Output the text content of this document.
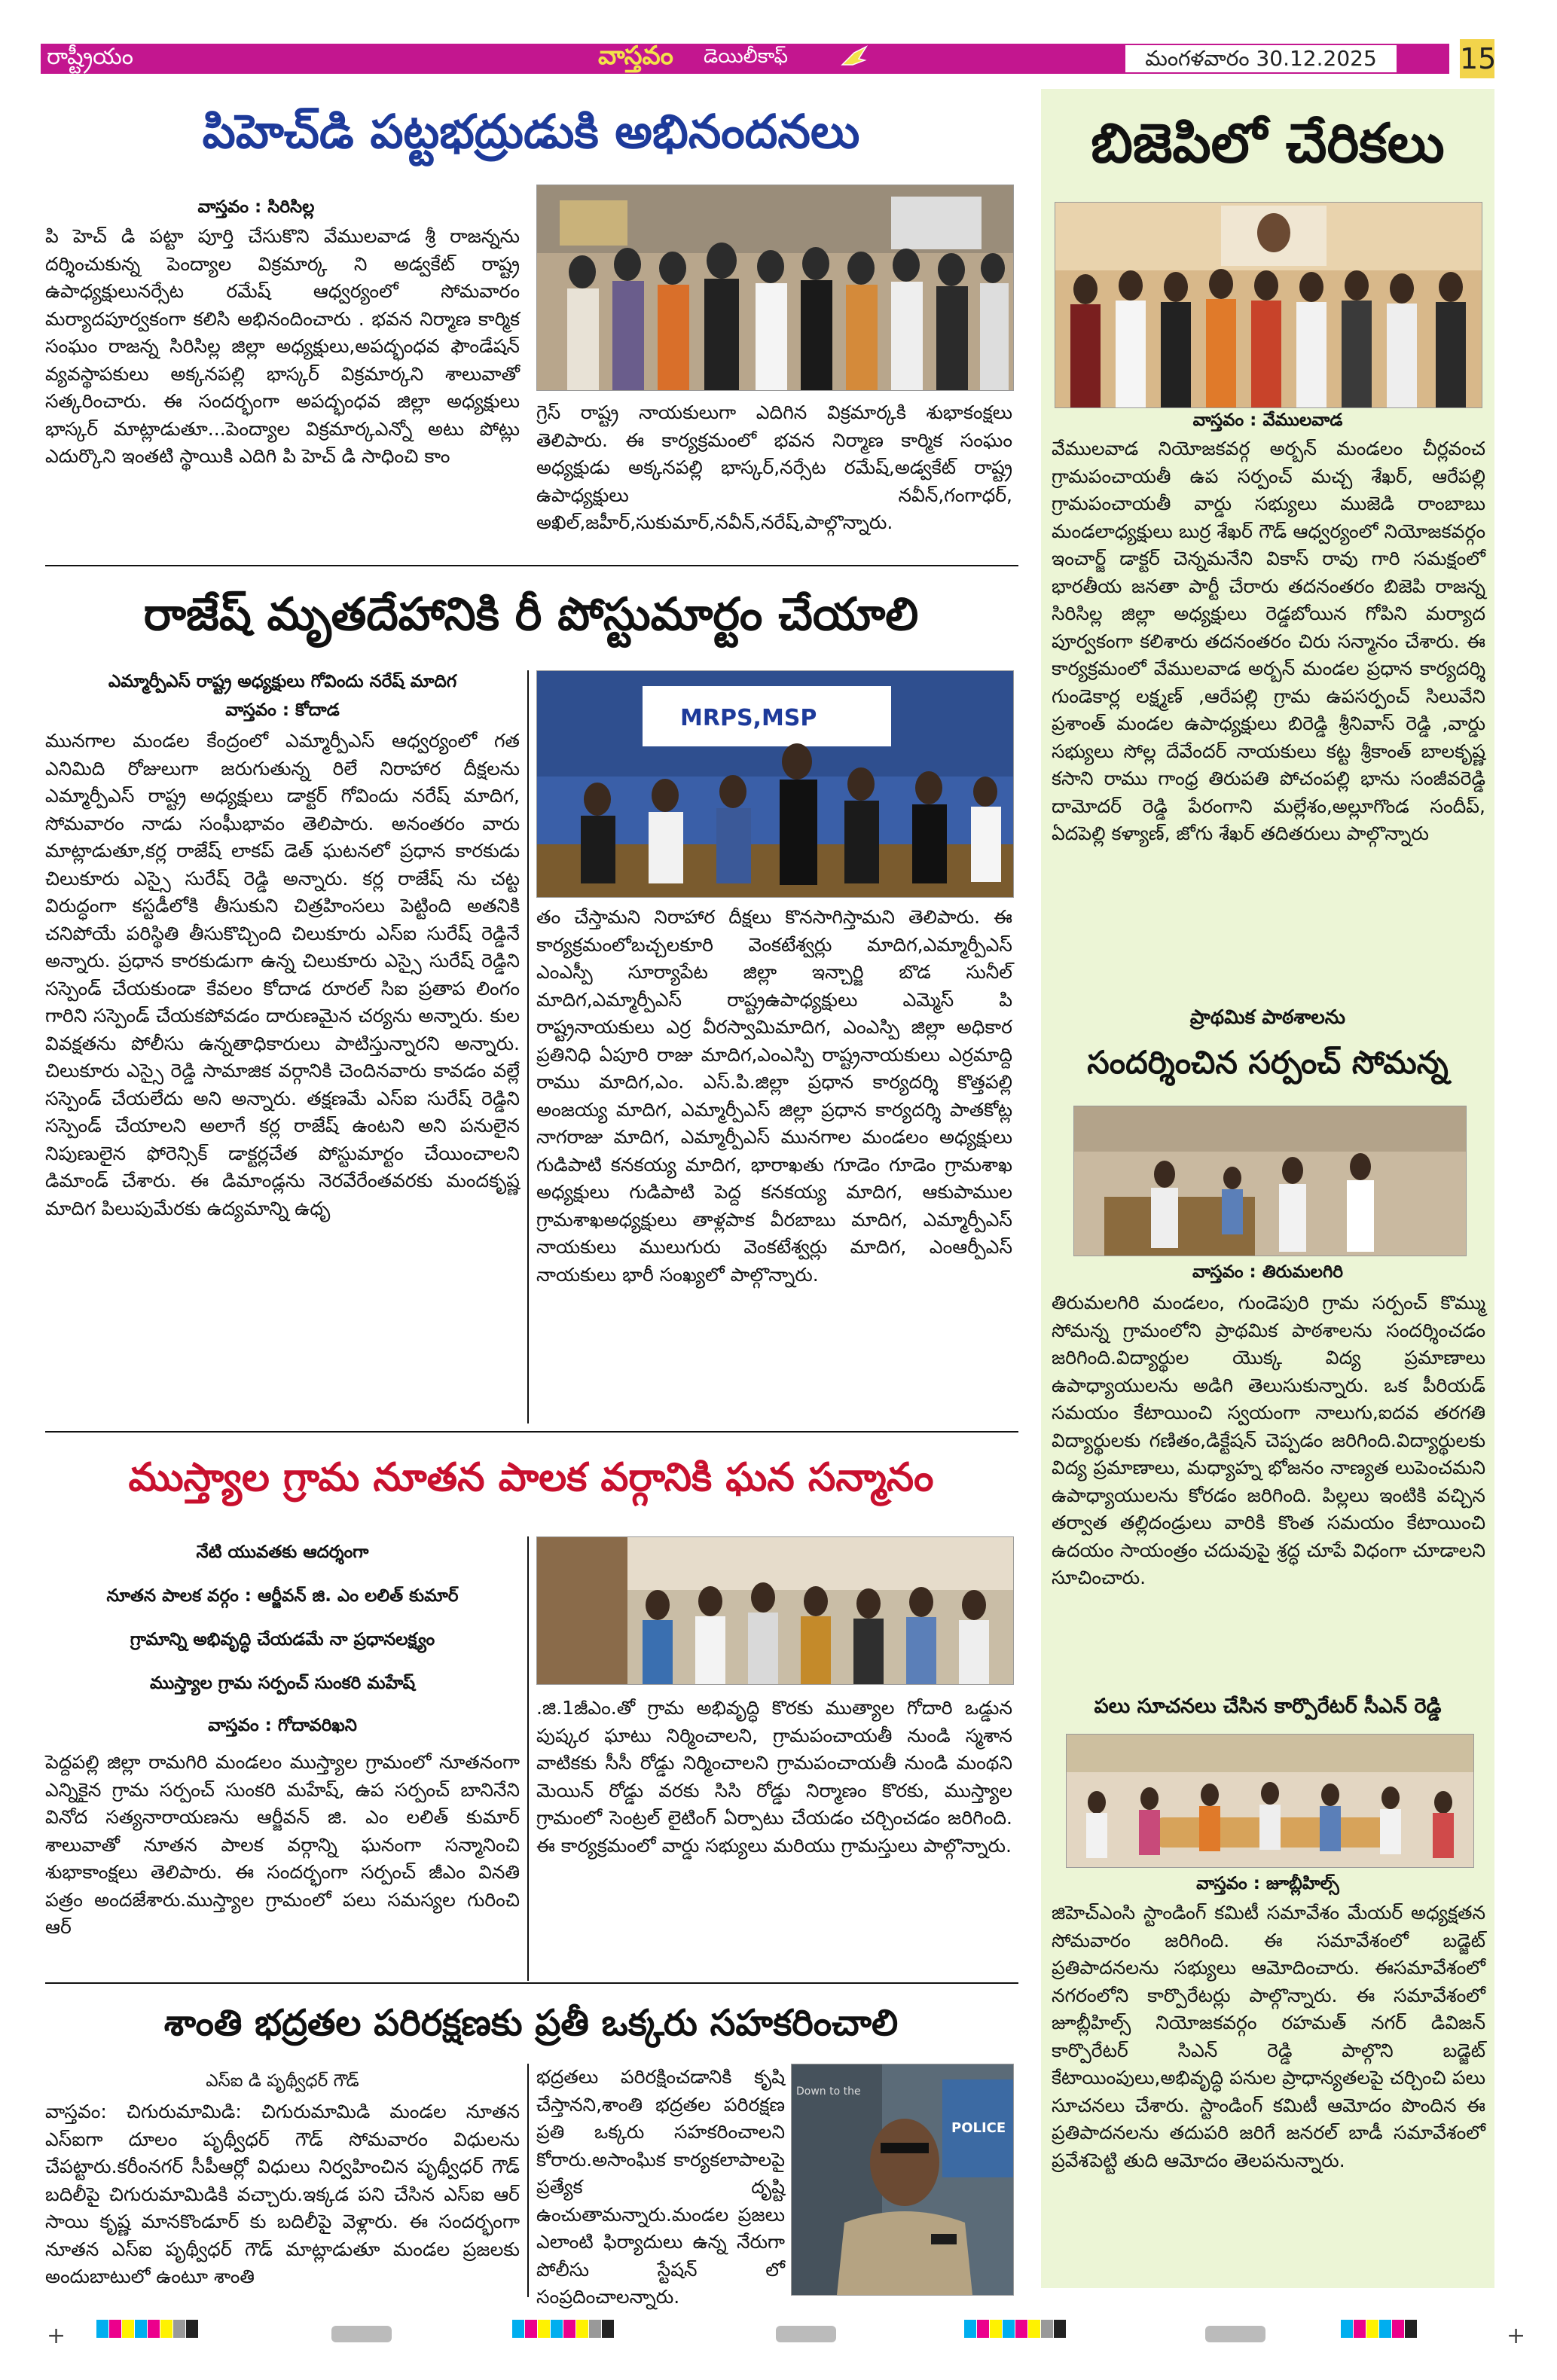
రాష్ట్రీయం	వాస్తవం డెయిలీకాఫ్	మంగళవారం 30.12.2025	15
పిహెచ్‌డి పట్టభద్రుడుకి అభినందనలు
వాస్తవం : సిరిసిల్ల
పి హెచ్ డి పట్టా పూర్తి చేసుకొని వేములవాడ శ్రీ రాజన్నను దర్శించుకున్న పెంద్యాల విక్రమార్క ని అడ్వకేట్ రాష్ట్ర ఉపాధ్యక్షులునర్సేట రమేష్ ఆధ్వర్యంలో సోమవారం మర్యాదపూర్వకంగా కలిసి అభినందించారు . భవన నిర్మాణ కార్మిక సంఘం రాజన్న సిరిసిల్ల జిల్లా అధ్యక్షులు,అపద్భంధవ ఫౌండేషన్ వ్యవస్థాపకులు అక్కనపల్లి భాస్కర్ విక్రమార్కని శాలువాతో సత్కరించారు. ఈ సందర్భంగా అపద్భంధవ జిల్లా అధ్యక్షులు భాస్కర్ మాట్లాడుతూ...పెంద్యాల విక్రమార్కఎన్నో అటు పోట్లు ఎదుర్కొని ఇంతటి స్థాయికి ఎదిగి పి హెచ్ డి సాధించి కాం
గ్రెస్ రాష్ట్ర నాయకులుగా ఎదిగిన విక్రమార్కకి శుభాకంక్షలు తెలిపారు. ఈ కార్యక్రమంలో భవన నిర్మాణ కార్మిక సంఘం అధ్యక్షుడు అక్కనపల్లి భాస్కర్,నర్సేట రమేష్,అడ్వకేట్ రాష్ట్ర ఉపాధ్యక్షులు నవీన్,గంగాధర్, అఖిల్,జహీర్,సుకుమార్,నవీన్,నరేష్,పాల్గొన్నారు.
రాజేష్ మృతదేహానికి రీ పోస్టుమార్టం చేయాలి
ఎమ్మార్పీఎస్ రాష్ట్ర అధ్యక్షులు గోవిందు నరేష్ మాదిగ
వాస్తవం : కోదాడ
మునగాల మండల కేంద్రంలో ఎమ్మార్పీఎస్ ఆధ్వర్యంలో గత ఎనిమిది రోజులుగా జరుగుతున్న రిలే నిరాహార దీక్షలను ఎమ్మార్పీఎస్ రాష్ట్ర అధ్యక్షులు డాక్టర్ గోవిందు నరేష్ మాదిగ, సోమవారం నాడు సంఘీభావం తెలిపారు. అనంతరం వారు మాట్లాడుతూ,కర్ల రాజేష్ లాకప్ డెత్ ఘటనలో ప్రధాన కారకుడు చిలుకూరు ఎస్సై సురేష్ రెడ్డి అన్నారు. కర్ల రాజేష్ ను చట్ట విరుద్ధంగా కస్టడీలోకి తీసుకుని చిత్రహింసలు పెట్టింది అతనికి చనిపోయే పరిస్థితి తీసుకొచ్చింది చిలుకూరు ఎస్ఐ సురేష్ రెడ్డినే అన్నారు. ప్రధాన కారకుడుగా ఉన్న చిలుకూరు ఎస్సై సురేష్ రెడ్డిని సస్పెండ్ చేయకుండా కేవలం కోదాడ రూరల్ సిఐ ప్రతాప లింగం గారిని సస్పెండ్ చేయకపోవడం దారుణమైన చర్యను అన్నారు. కుల వివక్షతను పోలీసు ఉన్నతాధికారులు పాటిస్తున్నారని అన్నారు. చిలుకూరు ఎస్సై రెడ్డి సామాజిక వర్గానికి చెందినవారు కావడం వల్లే సస్పెండ్ చేయలేదు అని అన్నారు. తక్షణమే ఎస్ఐ సురేష్ రెడ్డిని సస్పెండ్ చేయాలని అలాగే కర్ల రాజేష్ ఉంటని అని పనులైన నిపుణులైన ఫోరెన్సిక్ డాక్టర్లచేత పోస్టుమార్టం చేయించాలని డిమాండ్ చేశారు. ఈ డిమాండ్లను నెరవేరేంతవరకు మందకృష్ణ మాదిగ పిలుపుమేరకు ఉద్యమాన్ని ఉధృ
MRPS,MSP
తం చేస్తామని నిరాహార దీక్షలు కొనసాగిస్తామని తెలిపారు. ఈ కార్యక్రమంలోబచ్చలకూరి వెంకటేశ్వర్లు మాదిగ,ఎమ్మార్పీఎస్ ఎంఎస్పీ సూర్యాపేట జిల్లా ఇన్చార్జి బొడ సునీల్ మాదిగ,ఎమ్మార్పీఎస్ రాష్ట్రఉపాధ్యక్షులు ఎమ్మెస్ పి రాష్ట్రనాయకులు ఎర్ర వీరస్వామిమాదిగ, ఎంఎస్పి జిల్లా అధికార ప్రతినిధి ఏపూరి రాజు మాదిగ,ఎంఎస్పి రాష్ట్రనాయకులు ఎర్రమాద్ది రాము మాదిగ,ఎం. ఎస్.పి.జిల్లా ప్రధాన కార్యదర్శి కొత్తపల్లి అంజయ్య మాదిగ, ఎమ్మార్పీఎస్ జిల్లా ప్రధాన కార్యదర్శి పాతకోట్ల నాగరాజు మాదిగ, ఎమ్మార్పీఎస్ మునగాల మండలం అధ్యక్షులు గుడిపాటి కనకయ్య మాదిగ, భారాఖతు గూడెం గూడెం గ్రామశాఖ అధ్యక్షులు గుడిపాటి పెద్ద కనకయ్య మాదిగ, ఆకుపాముల గ్రామశాఖఅధ్యక్షులు తాళ్లపాక వీరబాబు మాదిగ, ఎమ్మార్పీఎస్ నాయకులు ములుగురు వెంకటేశ్వర్లు మాదిగ, ఎంఆర్పీఎస్ నాయకులు భారీ సంఖ్యలో పాల్గొన్నారు.
ముస్త్యాల గ్రామ నూతన పాలక వర్గానికి ఘన సన్మానం
నేటి యువతకు ఆదర్శంగా
నూతన పాలక వర్గం : ఆర్జీవన్ జి. ఎం లలిత్ కుమార్
గ్రామాన్ని అభివృద్ధి చేయడమే నా ప్రధానలక్ష్యం
ముస్త్యాల గ్రామ సర్పంచ్ సుంకరి మహేష్
వాస్తవం : గోదావరిఖని
పెద్దపల్లి జిల్లా రామగిరి మండలం ముస్త్యాల గ్రామంలో నూతనంగా ఎన్నికైన గ్రామ సర్పంచ్ సుంకరి మహేష్, ఉప సర్పంచ్ బానినేని వినోద సత్యనారాయణను ఆర్జీవన్ జి. ఎం లలిత్ కుమార్ శాలువాతో నూతన పాలక వర్గాన్ని ఘనంగా సన్మానించి శుభాకాంక్షలు తెలిపారు. ఈ సందర్భంగా సర్పంచ్ జీఎం వినతి పత్రం అందజేశారు.ముస్త్యాల గ్రామంలో పలు సమస్యల గురించి ఆర్
.జి.1జీఎం.తో గ్రామ అభివృద్ధి కొరకు ముత్యాల గోదారి ఒడ్డున పుష్కర ఘాటు నిర్మించాలని, గ్రామపంచాయతీ నుండి స్మశాన వాటికకు సీసీ రోడ్డు నిర్మించాలని గ్రామపంచాయతీ నుండి మంథని మెయిన్ రోడ్డు వరకు సిసి రోడ్డు నిర్మాణం కొరకు, ముస్త్యాల గ్రామంలో సెంట్రల్ లైటింగ్ ఏర్పాటు చేయడం చర్చించడం జరిగింది. ఈ కార్యక్రమంలో వార్డు సభ్యులు మరియు గ్రామస్తులు పాల్గొన్నారు.
శాంతి భద్రతల పరిరక్షణకు ప్రతీ ఒక్కరు సహకరించాలి
ఎస్ఐ డి పృథ్వీధర్ గౌడ్
వాస్తవం: చిగురుమామిడి: చిగురుమామిడి మండల నూతన ఎస్ఐగా దూలం పృథ్వీధర్ గౌడ్ సోమవారం విధులను చేపట్టారు.కరీంనగర్ సీపీఆర్లో విధులు నిర్వహించిన పృథ్వీధర్ గౌడ్ బదిలీపై చిగురుమామిడికి వచ్చారు.ఇక్కడ పని చేసిన ఎస్ఐ ఆర్ సాయి కృష్ణ మానకొండూర్ కు బదిలీపై వెళ్లారు. ఈ సందర్భంగా నూతన ఎస్ఐ పృథ్వీధర్ గౌడ్ మాట్లాడుతూ మండల ప్రజలకు అందుబాటులో ఉంటూ శాంతి
భద్రతలు పరిరక్షించడానికి కృషి చేస్తానని,శాంతి భద్రతల పరిరక్షణ ప్రతి ఒక్కరు సహకరించాలని కోరారు.అసాంఘిక కార్యకలాపాలపై ప్రత్యేక దృష్టి ఉంచుతామన్నారు.మండల ప్రజలు ఎలాంటి ఫిర్యాదులు ఉన్న నేరుగా పోలీసు స్టేషన్ లో సంప్రదించాలన్నారు.
POLICE
Down to the
బిజెపిలో చేరికలు
వాస్తవం : వేములవాడ
వేములవాడ నియోజకవర్గ అర్బన్ మండలం చీర్లవంచ గ్రామపంచాయతీ ఉప సర్పంచ్ మచ్చ శేఖర్, ఆరేపల్లి గ్రామపంచాయతీ వార్డు సభ్యులు ముజెడి రాంబాబు మండలాధ్యక్షులు బుర్ర శేఖర్ గౌడ్ ఆధ్వర్యంలో నియోజకవర్గం ఇంచార్జ్ డాక్టర్ చెన్నమనేని వికాస్ రావు గారి సమక్షంలో భారతీయ జనతా పార్టీ చేరారు తదనంతరం బిజెపి రాజన్న సిరిసిల్ల జిల్లా అధ్యక్షులు రెడ్డబోయిన గోపిని మర్యాద పూర్వకంగా కలిశారు తదనంతరం చిరు సన్మానం చేశారు. ఈ కార్యక్రమంలో వేములవాడ అర్బన్ మండల ప్రధాన కార్యదర్శి గుండెకార్ల లక్ష్మణ్ ,ఆరేపల్లి గ్రామ ఉపసర్పంచ్ సిలువేని ప్రశాంత్ మండల ఉపాధ్యక్షులు బిరెడ్డి శ్రీనివాస్ రెడ్డి ,వార్డు సభ్యులు సోల్ల దేవేందర్ నాయకులు కట్ట శ్రీకాంత్ బాలకృష్ణ కసాని రాము గాంధ్ర తిరుపతి పోచంపల్లి భాను సంజీవరెడ్డి దామోదర్ రెడ్డి పేరంగాని మల్లేశం,అల్లూగొండ సందీప్, ఏదపెల్లి కళ్యాణ్, జోగు శేఖర్ తదితరులు పాల్గొన్నారు
ప్రాథమిక పాఠశాలను
సందర్శించిన సర్పంచ్ సోమన్న
వాస్తవం : తిరుమలగిరి
తిరుమలగిరి మండలం, గుండెపురి గ్రామ సర్పంచ్ కొమ్ము సోమన్న గ్రామంలోని ప్రాథమిక పాఠశాలను సందర్శించడం జరిగింది.విద్యార్థుల యొక్క విద్య ప్రమాణాలు ఉపాధ్యాయులను అడిగి తెలుసుకున్నారు. ఒక పీరియడ్ సమయం కేటాయించి స్వయంగా నాలుగు,ఐదవ తరగతి విద్యార్థులకు గణితం,డిక్టేషన్ చెప్పడం జరిగింది.విద్యార్థులకు విద్య ప్రమాణాలు, మధ్యాహ్న భోజనం నాణ్యత లుపెంచమని ఉపాధ్యాయులను కోరడం జరిగింది. పిల్లలు ఇంటికి వచ్చిన తర్వాత తల్లిదండ్రులు వారికి కొంత సమయం కేటాయించి ఉదయం సాయంత్రం చదువుపై శ్రద్ధ చూపే విధంగా చూడాలని సూచించారు.
పలు సూచనలు చేసిన కార్పొరేటర్ సీఎన్ రెడ్డి
వాస్తవం : జూబ్లీహిల్స్
జిహెచ్ఎంసి స్టాండింగ్ కమిటీ సమావేశం మేయర్ అధ్యక్షతన సోమవారం జరిగింది. ఈ సమావేశంలో బడ్జెట్ ప్రతిపాదనలను సభ్యులు ఆమోదించారు. ఈసమావేశంలో నగరంలోని కార్పొరేటర్లు పాల్గొన్నారు. ఈ సమావేశంలో జూబ్లీహిల్స్ నియోజకవర్గం రహమత్ నగర్ డివిజన్ కార్పొరేటర్ సిఎన్ రెడ్డి పాల్గొని బడ్జెట్ కేటాయింపులు,అభివృద్ధి పనుల ప్రాధాన్యతలపై చర్చించి పలు సూచనలు చేశారు. స్టాండింగ్ కమిటీ ఆమోదం పొందిన ఈ ప్రతిపాదనలను తదుపరి జరిగే జనరల్ బాడీ సమావేశంలో ప్రవేశపెట్టి తుది ఆమోదం తెలపనున్నారు.
+	+
